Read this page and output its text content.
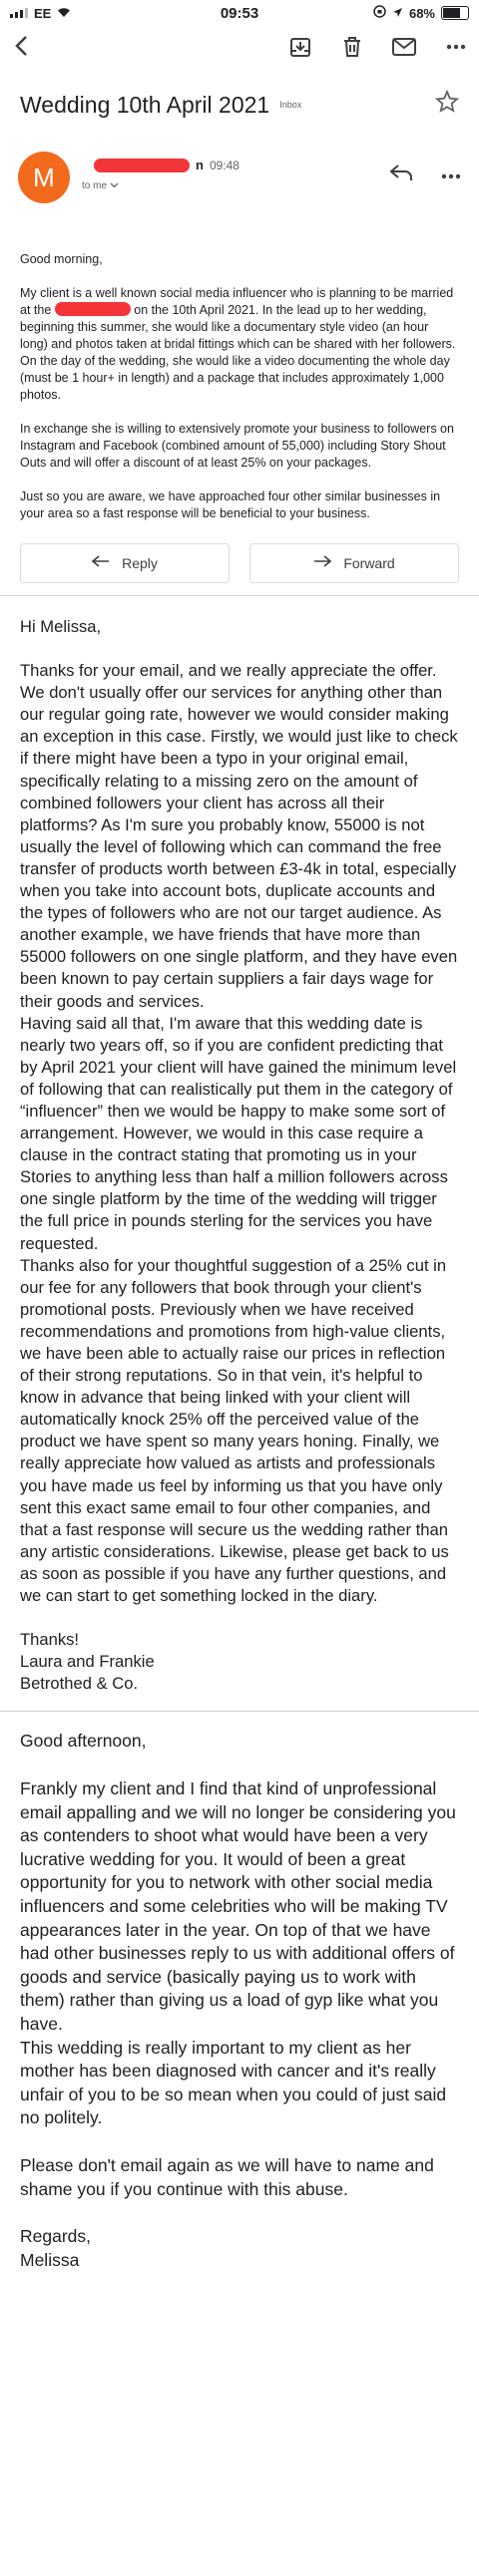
EE	09:53	68%
Wedding 10th April 2021 Inbox
M	n 09:48
to me

Good morning,

My client is a well known social media influencer who is planning to be married at the	on the 10th April 2021. In the lead up to her wedding, beginning this summer, she would like a documentary style video (an hour long) and photos taken at bridal fittings which can be shared with her followers. On the day of the wedding, she would like a video documenting the whole day (must be 1 hour+ in length) and a package that includes approximately 1,000 photos.

In exchange she is willing to extensively promote your business to followers on Instagram and Facebook (combined amount of 55,000) including Story Shout Outs and will offer a discount of at least 25% on your packages.

Just so you are aware, we have approached four other similar businesses in your area so a fast response will be beneficial to your business.

Reply	Forward

Hi Melissa,

Thanks for your email, and we really appreciate the offer. We don't usually offer our services for anything other than our regular going rate, however we would consider making an exception in this case. Firstly, we would just like to check if there might have been a typo in your original email, specifically relating to a missing zero on the amount of combined followers your client has across all their platforms? As I'm sure you probably know, 55000 is not usually the level of following which can command the free transfer of products worth between £3-4k in total, especially when you take into account bots, duplicate accounts and the types of followers who are not our target audience. As another example, we have friends that have more than 55000 followers on one single platform, and they have even been known to pay certain suppliers a fair days wage for their goods and services.

Having said all that, I'm aware that this wedding date is nearly two years off, so if you are confident predicting that by April 2021 your client will have gained the minimum level of following that can realistically put them in the category of “influencer” then we would be happy to make some sort of arrangement. However, we would in this case require a clause in the contract stating that promoting us in your Stories to anything less than half a million followers across one single platform by the time of the wedding will trigger the full price in pounds sterling for the services you have requested.

Thanks also for your thoughtful suggestion of a 25% cut in our fee for any followers that book through your client's promotional posts. Previously when we have received recommendations and promotions from high-value clients, we have been able to actually raise our prices in reflection of their strong reputations. So in that vein, it's helpful to know in advance that being linked with your client will automatically knock 25% off the perceived value of the product we have spent so many years honing. Finally, we really appreciate how valued as artists and professionals you have made us feel by informing us that you have only sent this exact same email to four other companies, and that a fast response will secure us the wedding rather than any artistic considerations. Likewise, please get back to us as soon as possible if you have any further questions, and we can start to get something locked in the diary.

Thanks!

Laura and Frankie

Betrothed & Co.

Good afternoon,

Frankly my client and I find that kind of unprofessional email appalling and we will no longer be considering you as contenders to shoot what would have been a very lucrative wedding for you. It would of been a great opportunity for you to network with other social media influencers and some celebrities who will be making TV appearances later in the year. On top of that we have had other businesses reply to us with additional offers of goods and service (basically paying us to work with them) rather than giving us a load of gyp like what you have.

This wedding is really important to my client as her mother has been diagnosed with cancer and it's really unfair of you to be so mean when you could of just said no politely.

Please don't email again as we will have to name and shame you if you continue with this abuse.

Regards,

Melissa
